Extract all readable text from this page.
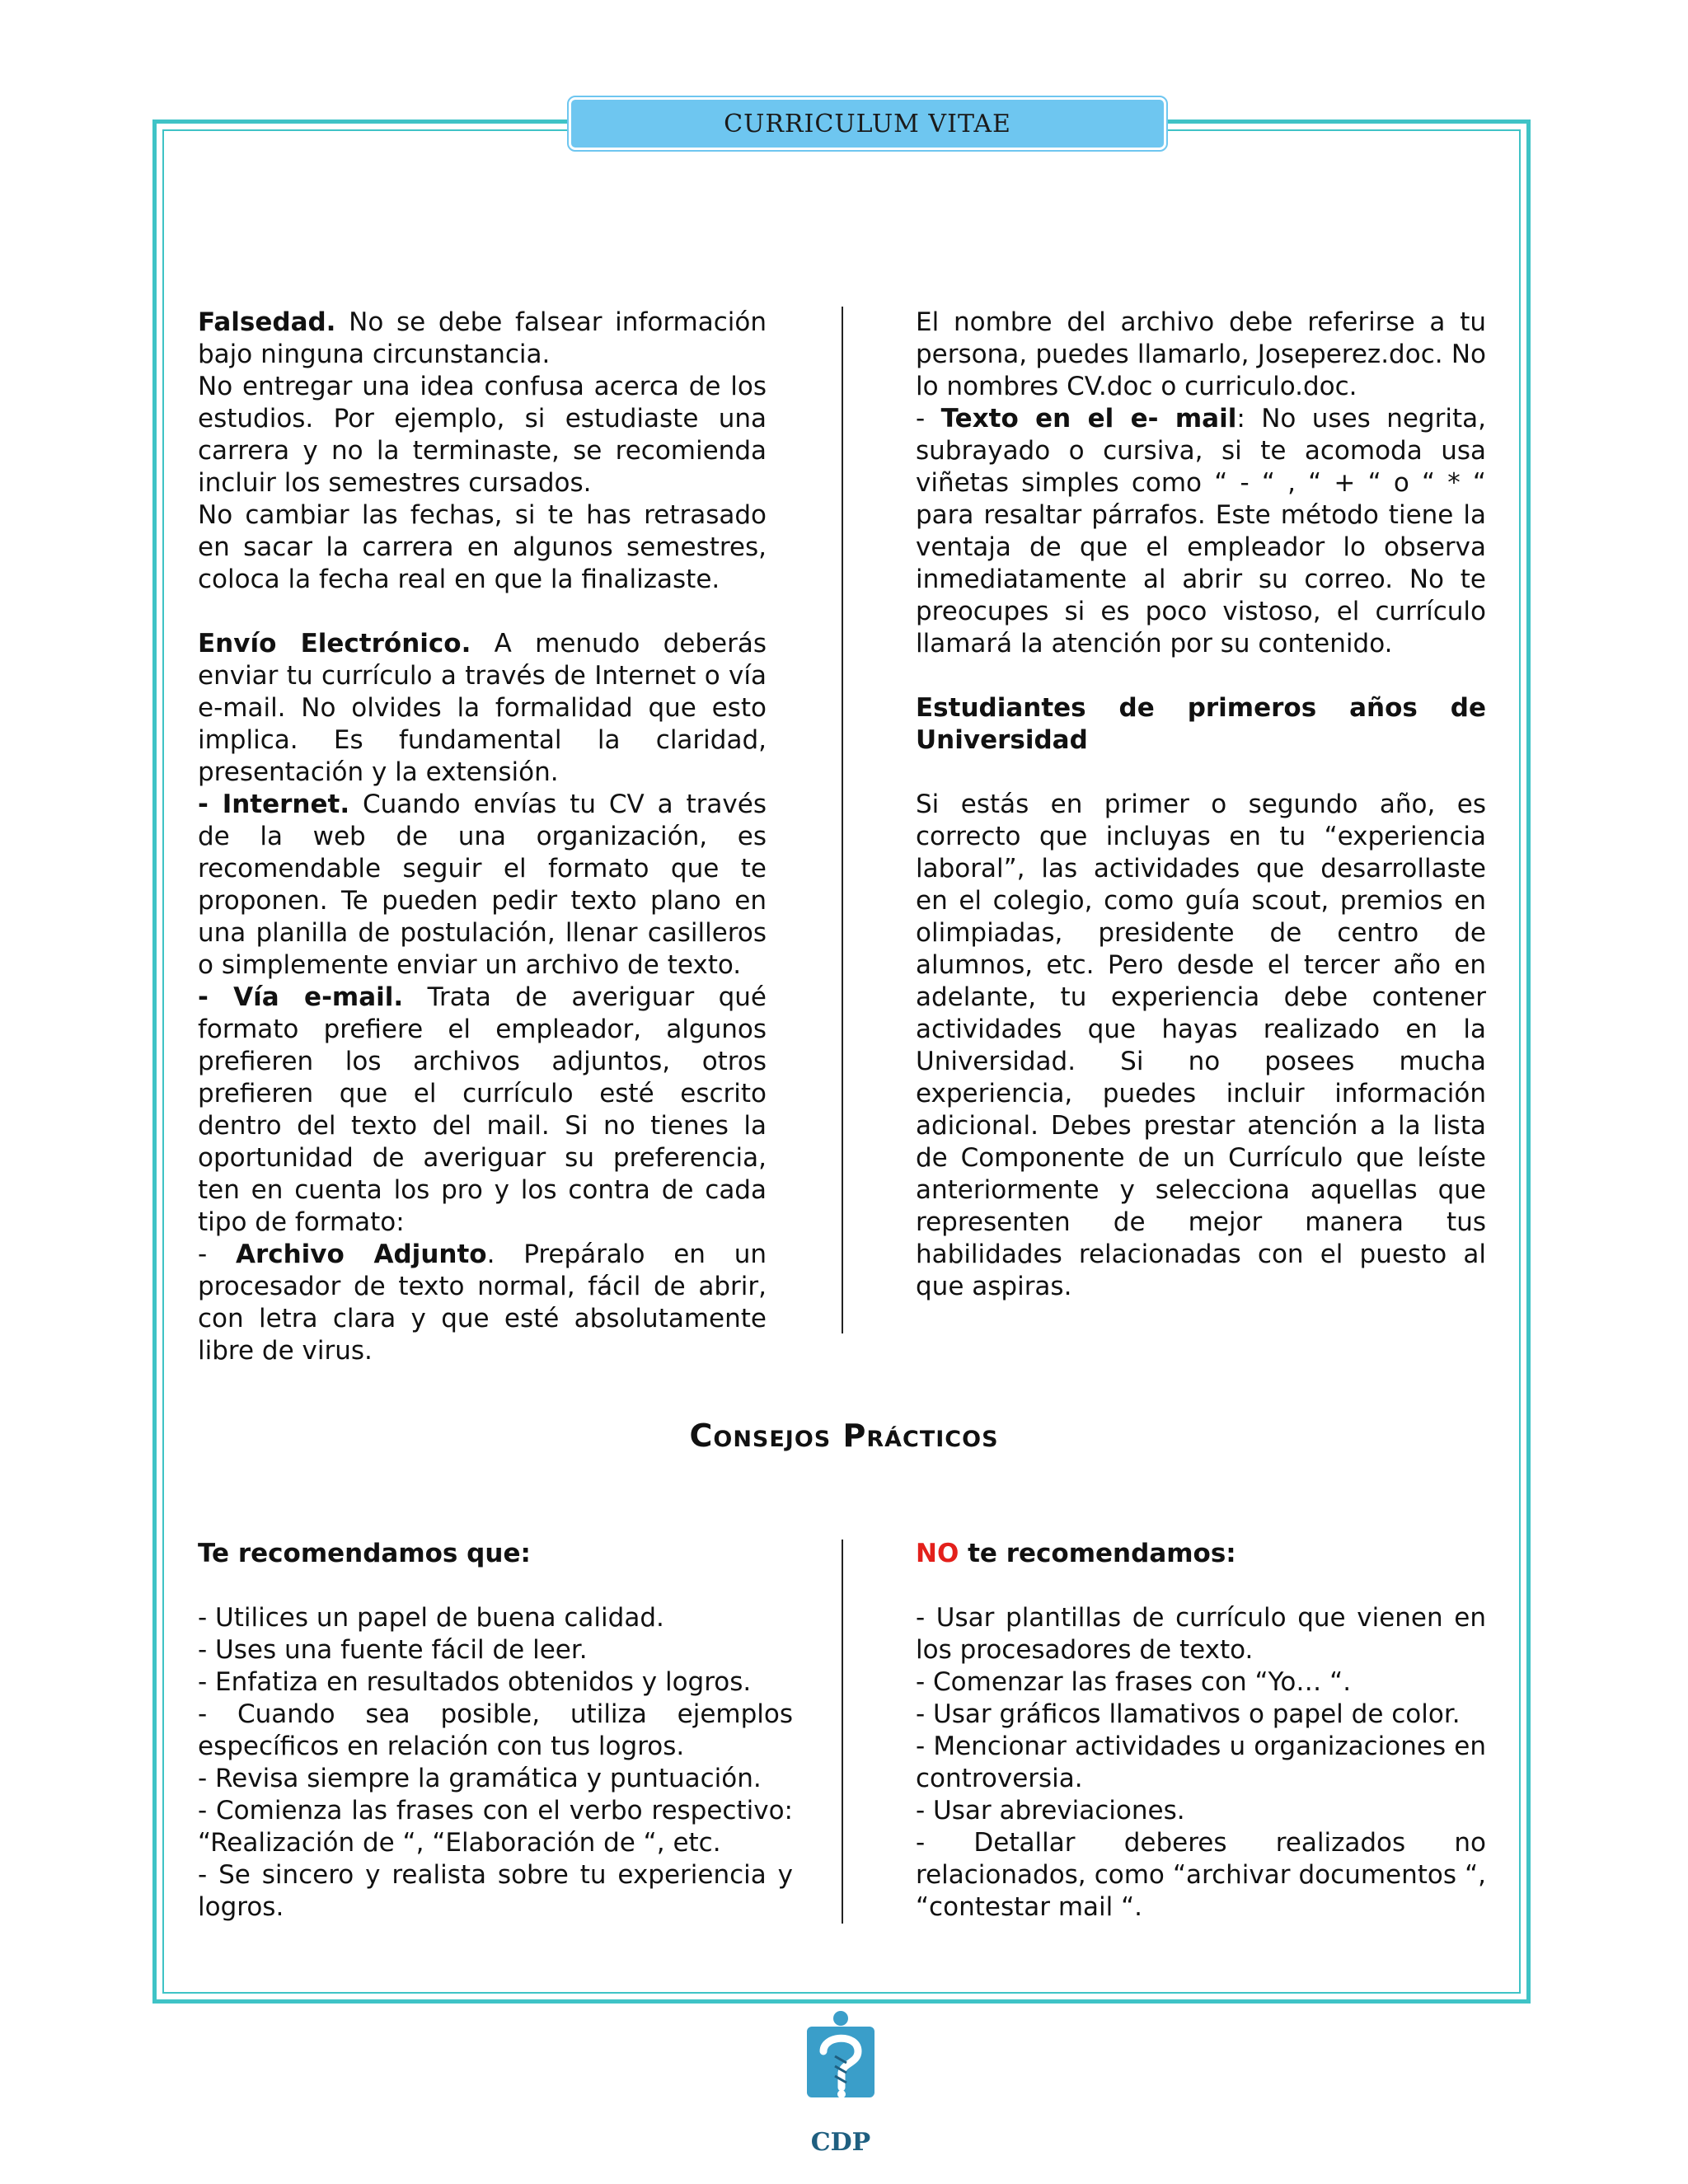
CURRICULUM VITAE

Falsedad. No se debe falsear información bajo ninguna circunstancia.

No entregar una idea confusa acerca de los estudios. Por ejemplo, si estudiaste una carrera y no la terminaste, se recomienda incluir los semestres cursados.

No cambiar las fechas, si te has retrasado en sacar la carrera en algunos semestres, coloca la fecha real en que la finalizaste.

Envío Electrónico. A menudo deberás enviar tu currículo a través de Internet o vía e-mail. No olvides la formalidad que esto implica. Es fundamental la claridad, presentación y la extensión.

- Internet. Cuando envías tu CV a través de la web de una organización, es recomendable seguir el formato que te proponen. Te pueden pedir texto plano en una planilla de postulación, llenar casilleros o simplemente enviar un archivo de texto.

- Vía e-mail. Trata de averiguar qué formato prefiere el empleador, algunos prefieren los archivos adjuntos, otros prefieren que el currículo esté escrito dentro del texto del mail. Si no tienes la oportunidad de averiguar su preferencia, ten en cuenta los pro y los contra de cada tipo de formato:

- Archivo Adjunto. Prepáralo en un procesador de texto normal, fácil de abrir, con letra clara y que esté absolutamente libre de virus.

El nombre del archivo debe referirse a tu persona, puedes llamarlo, Joseperez.doc. No lo nombres CV.doc o curriculo.doc.

- Texto en el e- mail: No uses negrita, subrayado o cursiva, si te acomoda usa viñetas simples como “ - “ , “ + “ o “ * “ para resaltar párrafos. Este método tiene la ventaja de que el empleador lo observa inmediatamente al abrir su correo. No te preocupes si es poco vistoso, el currículo llamará la atención por su contenido.

Estudiantes de primeros años de Universidad

Si estás en primer o segundo año, es correcto que incluyas en tu “experiencia laboral”, las actividades que desarrollaste en el colegio, como guía scout, premios en olimpiadas, presidente de centro de alumnos, etc. Pero desde el tercer año en adelante, tu experiencia debe contener actividades que hayas realizado en la Universidad. Si no posees mucha experiencia, puedes incluir información adicional. Debes prestar atención a la lista de Componente de un Currículo que leíste anteriormente y selecciona aquellas que representen de mejor manera tus habilidades relacionadas con el puesto al que aspiras.

Consejos Prácticos

Te recomendamos que:

- Utilices un papel de buena calidad.

- Uses una fuente fácil de leer.

- Enfatiza en resultados obtenidos y logros.

- Cuando sea posible, utiliza ejemplos específicos en relación con tus logros.

- Revisa siempre la gramática y puntuación.

- Comienza las frases con el verbo respectivo: “Realización de “, “Elaboración de “, etc.

- Se sincero y realista sobre tu experiencia y logros.

NO te recomendamos:

- Usar plantillas de currículo que vienen en los procesadores de texto.

- Comenzar las frases con “Yo… “.

- Usar gráficos llamativos o papel de color.

- Mencionar actividades u organizaciones en controversia.

- Usar abreviaciones.

- Detallar deberes realizados no relacionados, como “archivar documentos “, “contestar mail “.

CDP
